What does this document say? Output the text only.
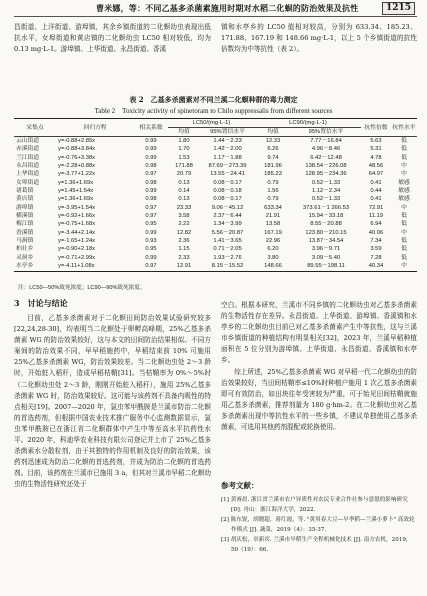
曹米娜，等：不同乙基多杀菌素施用时期对水稻二化螟的防治效果及抗性	1215

昌街道、上洋街道、游埠镇，其余乡镇街道的二化螟幼虫表现出低抗水平，女埠街道和黄店镇的二化螟幼虫 LC50 相对较低，均为 0.13 mg·L-1。游埠镇、上华街道、永昌街道、香溪

镇和水亭乡的 LC50 值相对较高，分别为 633.34、185.23、171.88、167.19 和 148.66 mg·L-1，以上 5 个乡镇街道的抗性倍数均为中等抗性（表 2）。

表 2　乙基多杀菌素对不同兰溪二化螟种群的毒力测定
Table 2　Toxicity activity of spinetoram to Chilo suppressalis from different sources
采集点	回归方程	相关系数	LC50/(mg·L-1)		LC90/(mg·L-1)		抗性倍数	抗性水平
			均值	95%置信水平	均值	95%置信水平		
云山街道	y=-0.88+2.85x	0.99	1.80	1.44－2.23	12.33	7.77－16.84	5.63	低
赤溪街道	y=-0.88+3.84x	0.99	1.70	1.42－2.00	6.26	4.96－8.46	5.31	低
兰江街道	y=-0.76+3.38x	0.99	1.53	1.17－1.88	9.74	6.42－12.48	4.78	低
永昌街道	y=-2.28+0.88x	0.98	171.88	87.69－273.39	181.96	138.54－226.08	48.56	中
上华街道	y=-3.77+1.22x	0.97	20.79	13.55－24.41	185.23	128.95－234.36	64.97	中
女埠街道	y=1.36+1.69x	0.98	0.13	0.08－0.17	0.79	0.52－1.33	0.41	敏感
诸葛镇	y=1.45+1.54x	0.99	0.14	0.08－0.18	1.56	1.12－2.34	0.44	敏感
黄店镇	y=1.36+1.69x	0.98	0.13	0.08－0.17	0.79	0.52－1.33	0.41	敏感
游埠镇	y=-3.95+1.54x	0.97	23.33	9.06－45.12	633.34	373.61－1 266.53	72.91	中
横溪镇	y=-0.92+1.66x	0.97	3.58	2.37－6.44	21.91	15.94－33.18	11.19	低
梅江镇	y=-0.75+1.68x	0.95	2.22	1.34－3.99	13.58	8.55－20.88	6.94	低
香溪镇	y=-3.44+2.14x	0.99	12.82	5.56－20.87	167.19	123.80－210.15	40.06	中
马涧镇	y=-1.65+1.24x	0.93	2.36	1.41－3.65	22.96	13.87－34.54	7.34	低
柏社乡	y=-0.90+2.18x	0.95	1.15	0.71－2.05	6.20	3.96－9.71	3.59	低
灵洞乡	y=-0.71+2.99x	0.99	2.33	1.93－2.76	3.80	3.09－5.40	7.28	低
水亭乡	y=-4.11+1.08x	0.97	12.91	8.15－15.52	148.66	89.55－198.11	40.34	中
注：LC50—50%致死浓度；LC90—90%致死浓度。
3　讨论与结论

目前，乙基多杀菌素对于二化螟田间防治效果试验研究较多[22,24,28-30]，均表明当二化螟处于卵孵高峰期，25%乙基多杀菌素 WG 的防治效果较好，这与本文的田间防治结果相似。不同方案间的防治效果不同，早早稻施药中，早稻结束前 10% 可施用 25%乙基多杀菌素 WG，防治效果较差。当二化螟幼虫处 2～3 龄时，开始蛀入稻秆，造成早稻枯鞘[31]。当枯鞘率为 0%～5%时（二化螟幼虫处 2～3 龄，刚刚开始蛀入稻秆），施用 25%乙基多杀菌素 WG 时，防治效果较好。这可能与该药剂不具备内吸性的特点相关[19]。2007—2020 年，氯虫苯甲酰胺是兰溪市防治二化螟的首选药剂，但根据中国农业技术推广服务中心监测数据显示，氯虫苯甲酰胺已在浙江省二化螟群体中产生中等至高水平抗药性水平。2020 年，科迪华农业科技有限公司登记并上市了 25%乙基多杀菌素水分散粒剂，由于其独特的作用机制及良好的防治效果，该药剂迅速成为防治二化螟的首选药剂，并成为防治二化螟的首选药剂。目前，该药剂在兰溪市已施用 3 a，但其对兰溪市早稻二化螟幼虫的生物活性研究还处于

空白。根据本研究，兰溪市不同乡镇的二化螟幼虫对乙基多杀菌素的生物活性存在差异。永昌街道、上华街道、游埠镇、香溪镇和水亭乡的二化螟幼虫目前已对乙基多杀菌素产生中等抗性，这与兰溪市乡镇街道的种植结构有明显相关[32]，2023 年，兰溪早稻种植面积在 5 位分别为游埠镇、上华街道、永昌街道、香溪镇和水亭乡。

综上所述，25%乙基多杀菌素 WG 对早稻一代二化螟幼虫的防治效果较好，当田间枯鞘率≤10%时种植户施用 1 次乙基多杀菌素即可有效防治，如田块往年受害较为严重，可于始见田间枯鞘就施用乙基多杀菌素，推荐剂量为 180 g·hm-2。在二化螟幼虫对乙基多杀菌素出现中等抗性水平的一些乡镇，不建议单独使用乙基多杀菌素，可选用其他药剂混配或轮换使用。

参考文献：
[1] 黄睿晨. 浙江省兰溪市农户异质性对农民专业合作社参与意愿的影响研究 [D]. 舟山：浙江海洋大学，2022.
[2] 陈东锐，胡晓超，蒋红霞，等. "黄用春大豆—早季稻—兰溪小萝卜" 高效轮作模式 [J]. 蔬菜，2019（4）：35-37.
[3] 胡庆松，章新宾. 兰溪市早稻生产全程机械化技术 [J]. 南方农机，2019，50（19）：66.
